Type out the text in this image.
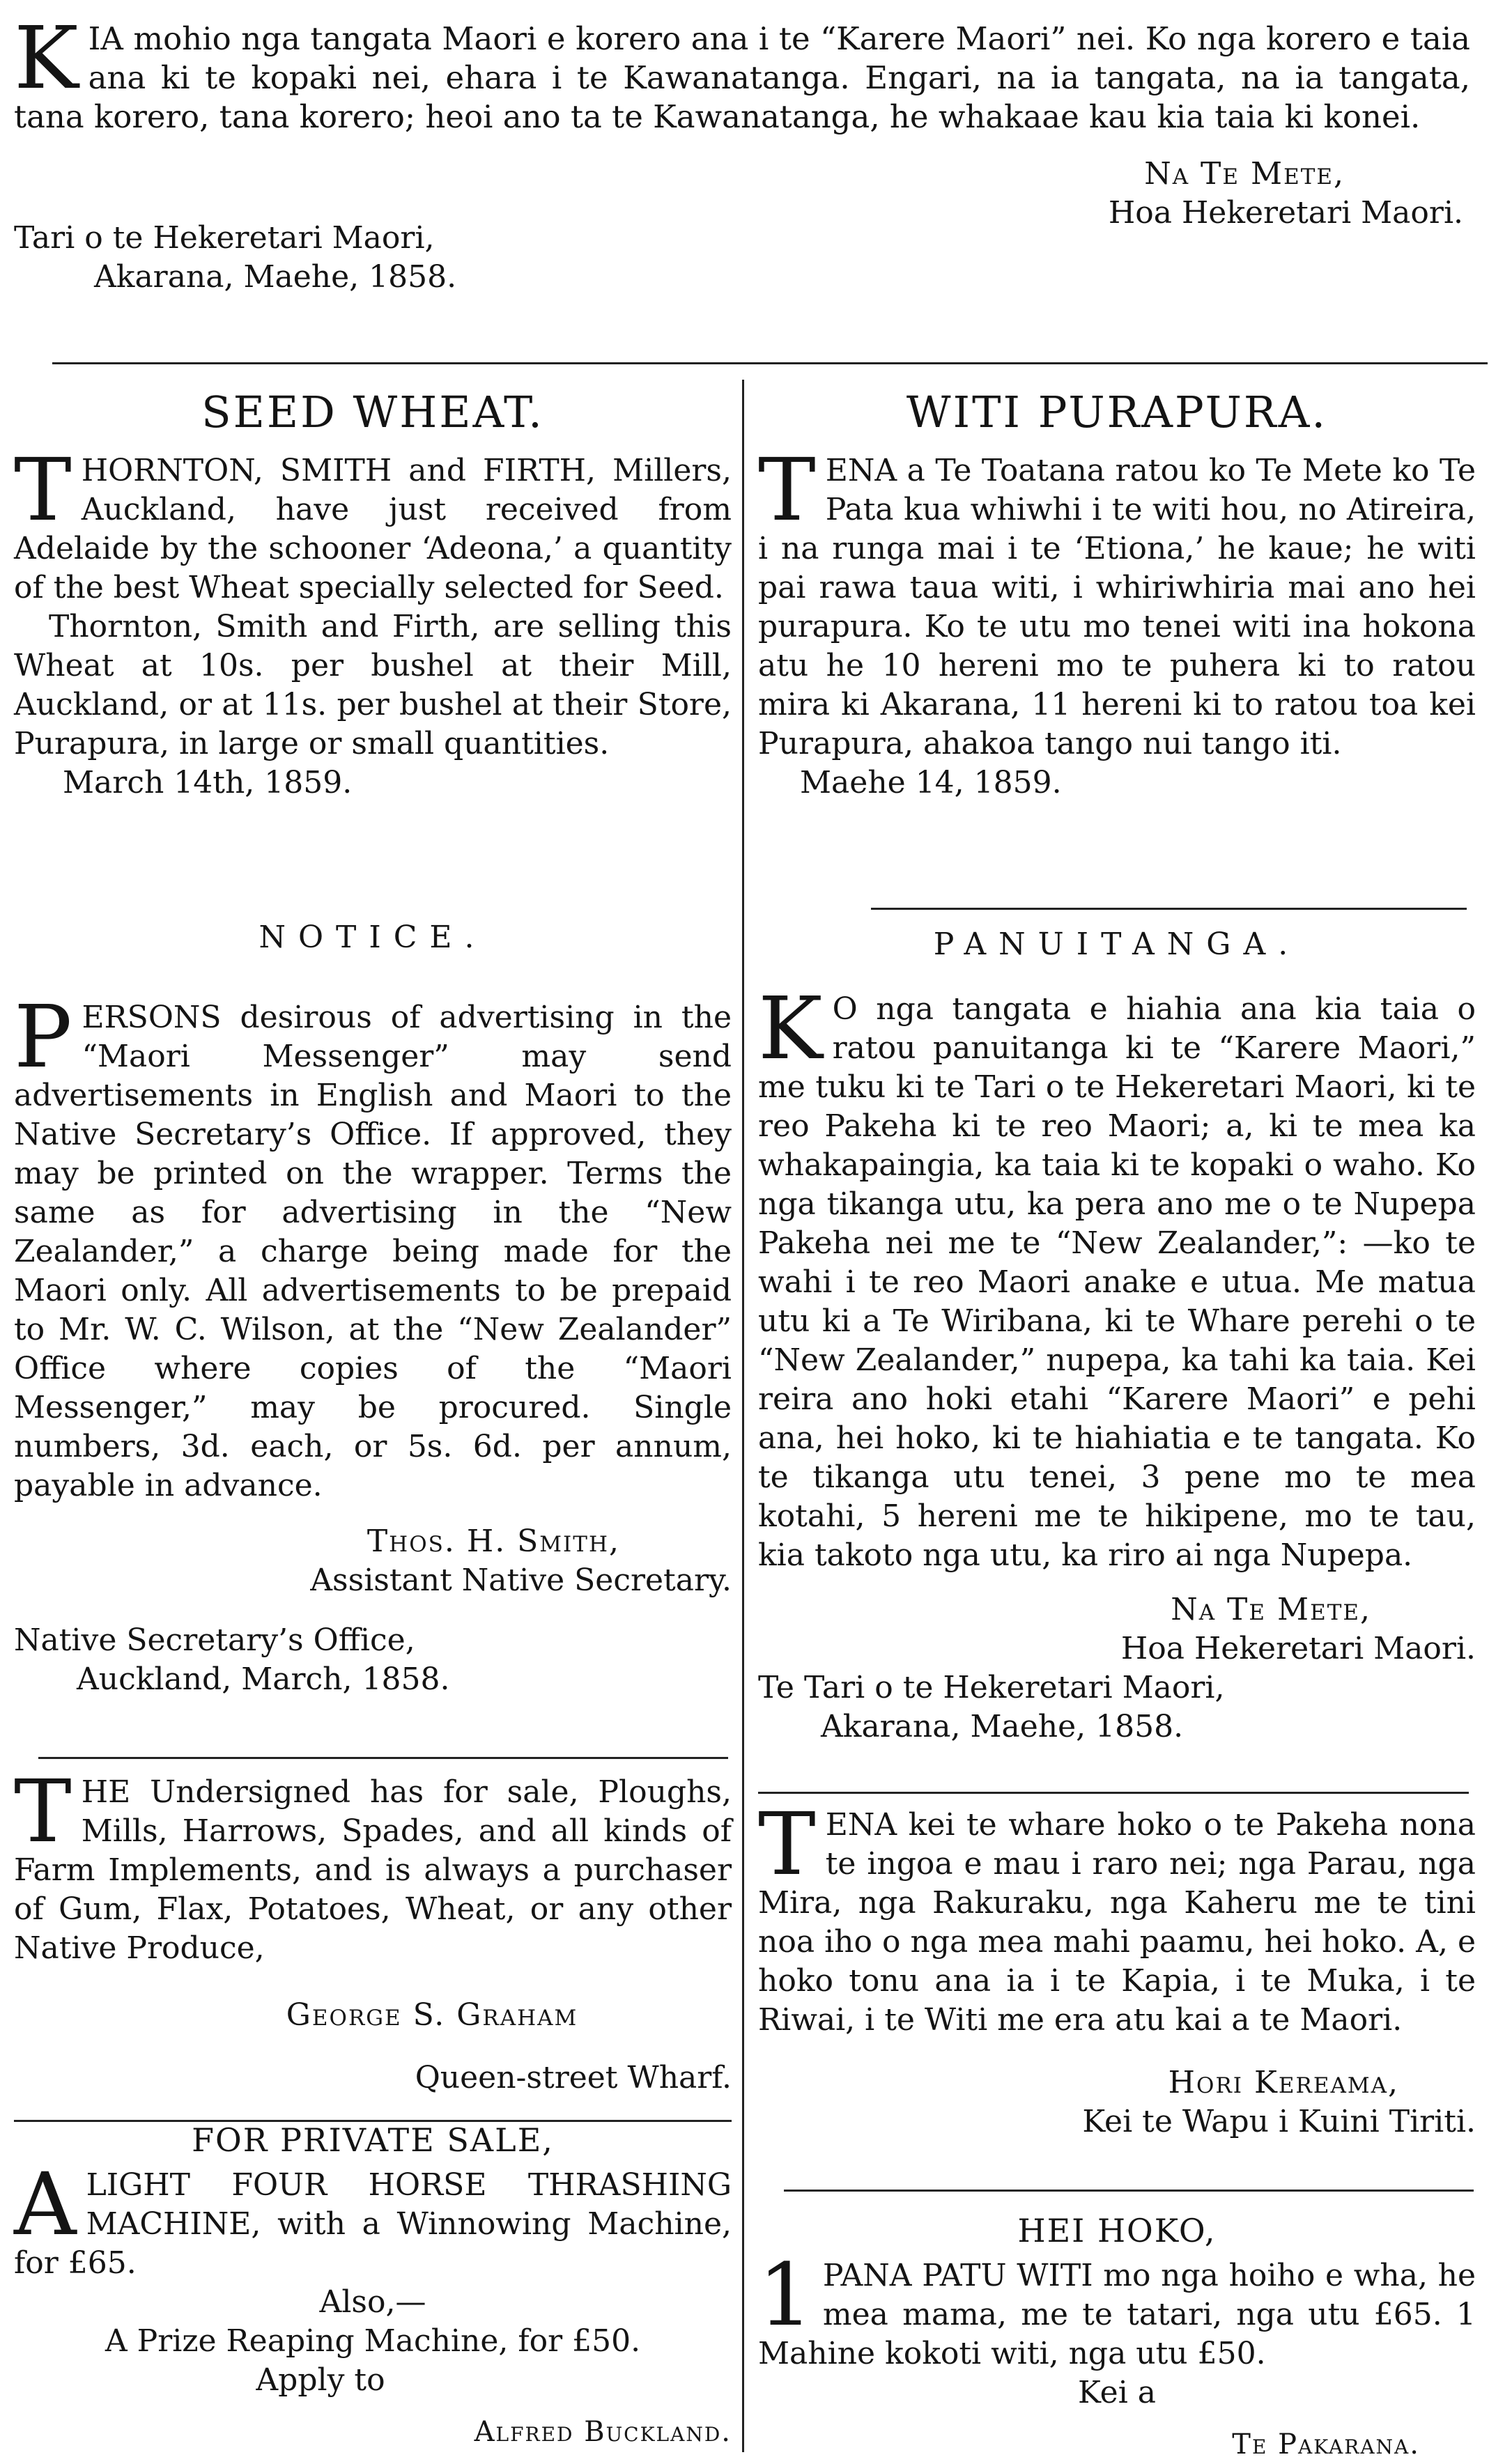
KIA mohio nga tangata Maori e korero ana i te “Karere Maori” nei. Ko nga korero e taia ana ki te kopaki nei, ehara i te Kawanatanga. Engari, na ia tangata, na ia tangata, tana korero, tana korero; heoi ano ta te Kawanatanga, he whakaae kau kia taia ki konei.

Na Te Mete,

Hoa Hekeretari Maori.

Tari o te Hekeretari Maori,

Akarana, Maehe, 1858.

SEED WHEAT.

THORNTON, SMITH and FIRTH, Millers, Auckland, have just received from Adelaide by the schooner ‘Adeona,’ a quantity of the best Wheat specially selected for Seed.

Thornton, Smith and Firth, are selling this Wheat at 10s. per bushel at their Mill, Auckland, or at 11s. per bushel at their Store, Purapura, in large or small quantities.

March 14th, 1859.

NOTICE.

PERSONS desirous of advertising in the “Maori Messenger” may send advertisements in English and Maori to the Native Secretary’s Office. If approved, they may be printed on the wrapper. Terms the same as for advertising in the “New Zealander,” a charge being made for the Maori only. All advertisements to be prepaid to Mr. W. C. Wilson, at the “New Zealander” Office where copies of the “Maori Messenger,” may be procured. Single numbers, 3d. each, or 5s. 6d. per annum, payable in advance.

Thos. H. Smith,

Assistant Native Secretary.

Native Secretary’s Office,

Auckland, March, 1858.

THE Undersigned has for sale, Ploughs, Mills, Harrows, Spades, and all kinds of Farm Implements, and is always a purchaser of Gum, Flax, Potatoes, Wheat, or any other Native Produce,

George S. Graham

Queen-street Wharf.

FOR PRIVATE SALE,

ALIGHT FOUR HORSE THRASHING MACHINE, with a Winnowing Machine, for £65.

Also,—

A Prize Reaping Machine, for £50.

Apply to

Alfred Buckland.

WITI PURAPURA.

TENA a Te Toatana ratou ko Te Mete ko Te Pata kua whiwhi i te witi hou, no Atireira, i na runga mai i te ‘Etiona,’ he kaue; he witi pai rawa taua witi, i whiriwhiria mai ano hei purapura. Ko te utu mo tenei witi ina hokona atu he 10 hereni mo te puhera ki to ratou mira ki Akarana, 11 hereni ki to ratou toa kei Purapura, ahakoa tango nui tango iti.

Maehe 14, 1859.

PANUITANGA.

K O nga tangata e hiahia ana kia taia o ratou panuitanga ki te “Karere Maori,” me tuku ki te Tari o te Hekeretari Maori, ki te reo Pakeha ki te reo Maori; a, ki te mea ka whakapaingia, ka taia ki te kopaki o waho. Ko nga tikanga utu, ka pera ano me o te Nupepa Pakeha nei me te “New Zealander,”: —ko te wahi i te reo Maori anake e utua. Me matua utu ki a Te Wiribana, ki te Whare perehi o te “New Zealander,” nupepa, ka tahi ka taia. Kei reira ano hoki etahi “Karere Maori” e pehi ana, hei hoko, ki te hiahiatia e te tangata. Ko te tikanga utu tenei, 3 pene mo te mea kotahi, 5 hereni me te hikipene, mo te tau, kia takoto nga utu, ka riro ai nga Nupepa.

Na Te Mete,

Hoa Hekeretari Maori.

Te Tari o te Hekeretari Maori,

Akarana, Maehe, 1858.

TENA kei te whare hoko o te Pakeha nona te ingoa e mau i raro nei; nga Parau, nga Mira, nga Rakuraku, nga Kaheru me te tini noa iho o nga mea mahi paamu, hei hoko. A, e hoko tonu ana ia i te Kapia, i te Muka, i te Riwai, i te Witi me era atu kai a te Maori.

Hori Kereama,

Kei te Wapu i Kuini Tiriti.

HEI HOKO,

1 PANA PATU WITI mo nga hoiho e wha, he mea mama, me te tatari, nga utu £65. 1 Mahine kokoti witi, nga utu £50.

Kei a

Te Pakarana.
